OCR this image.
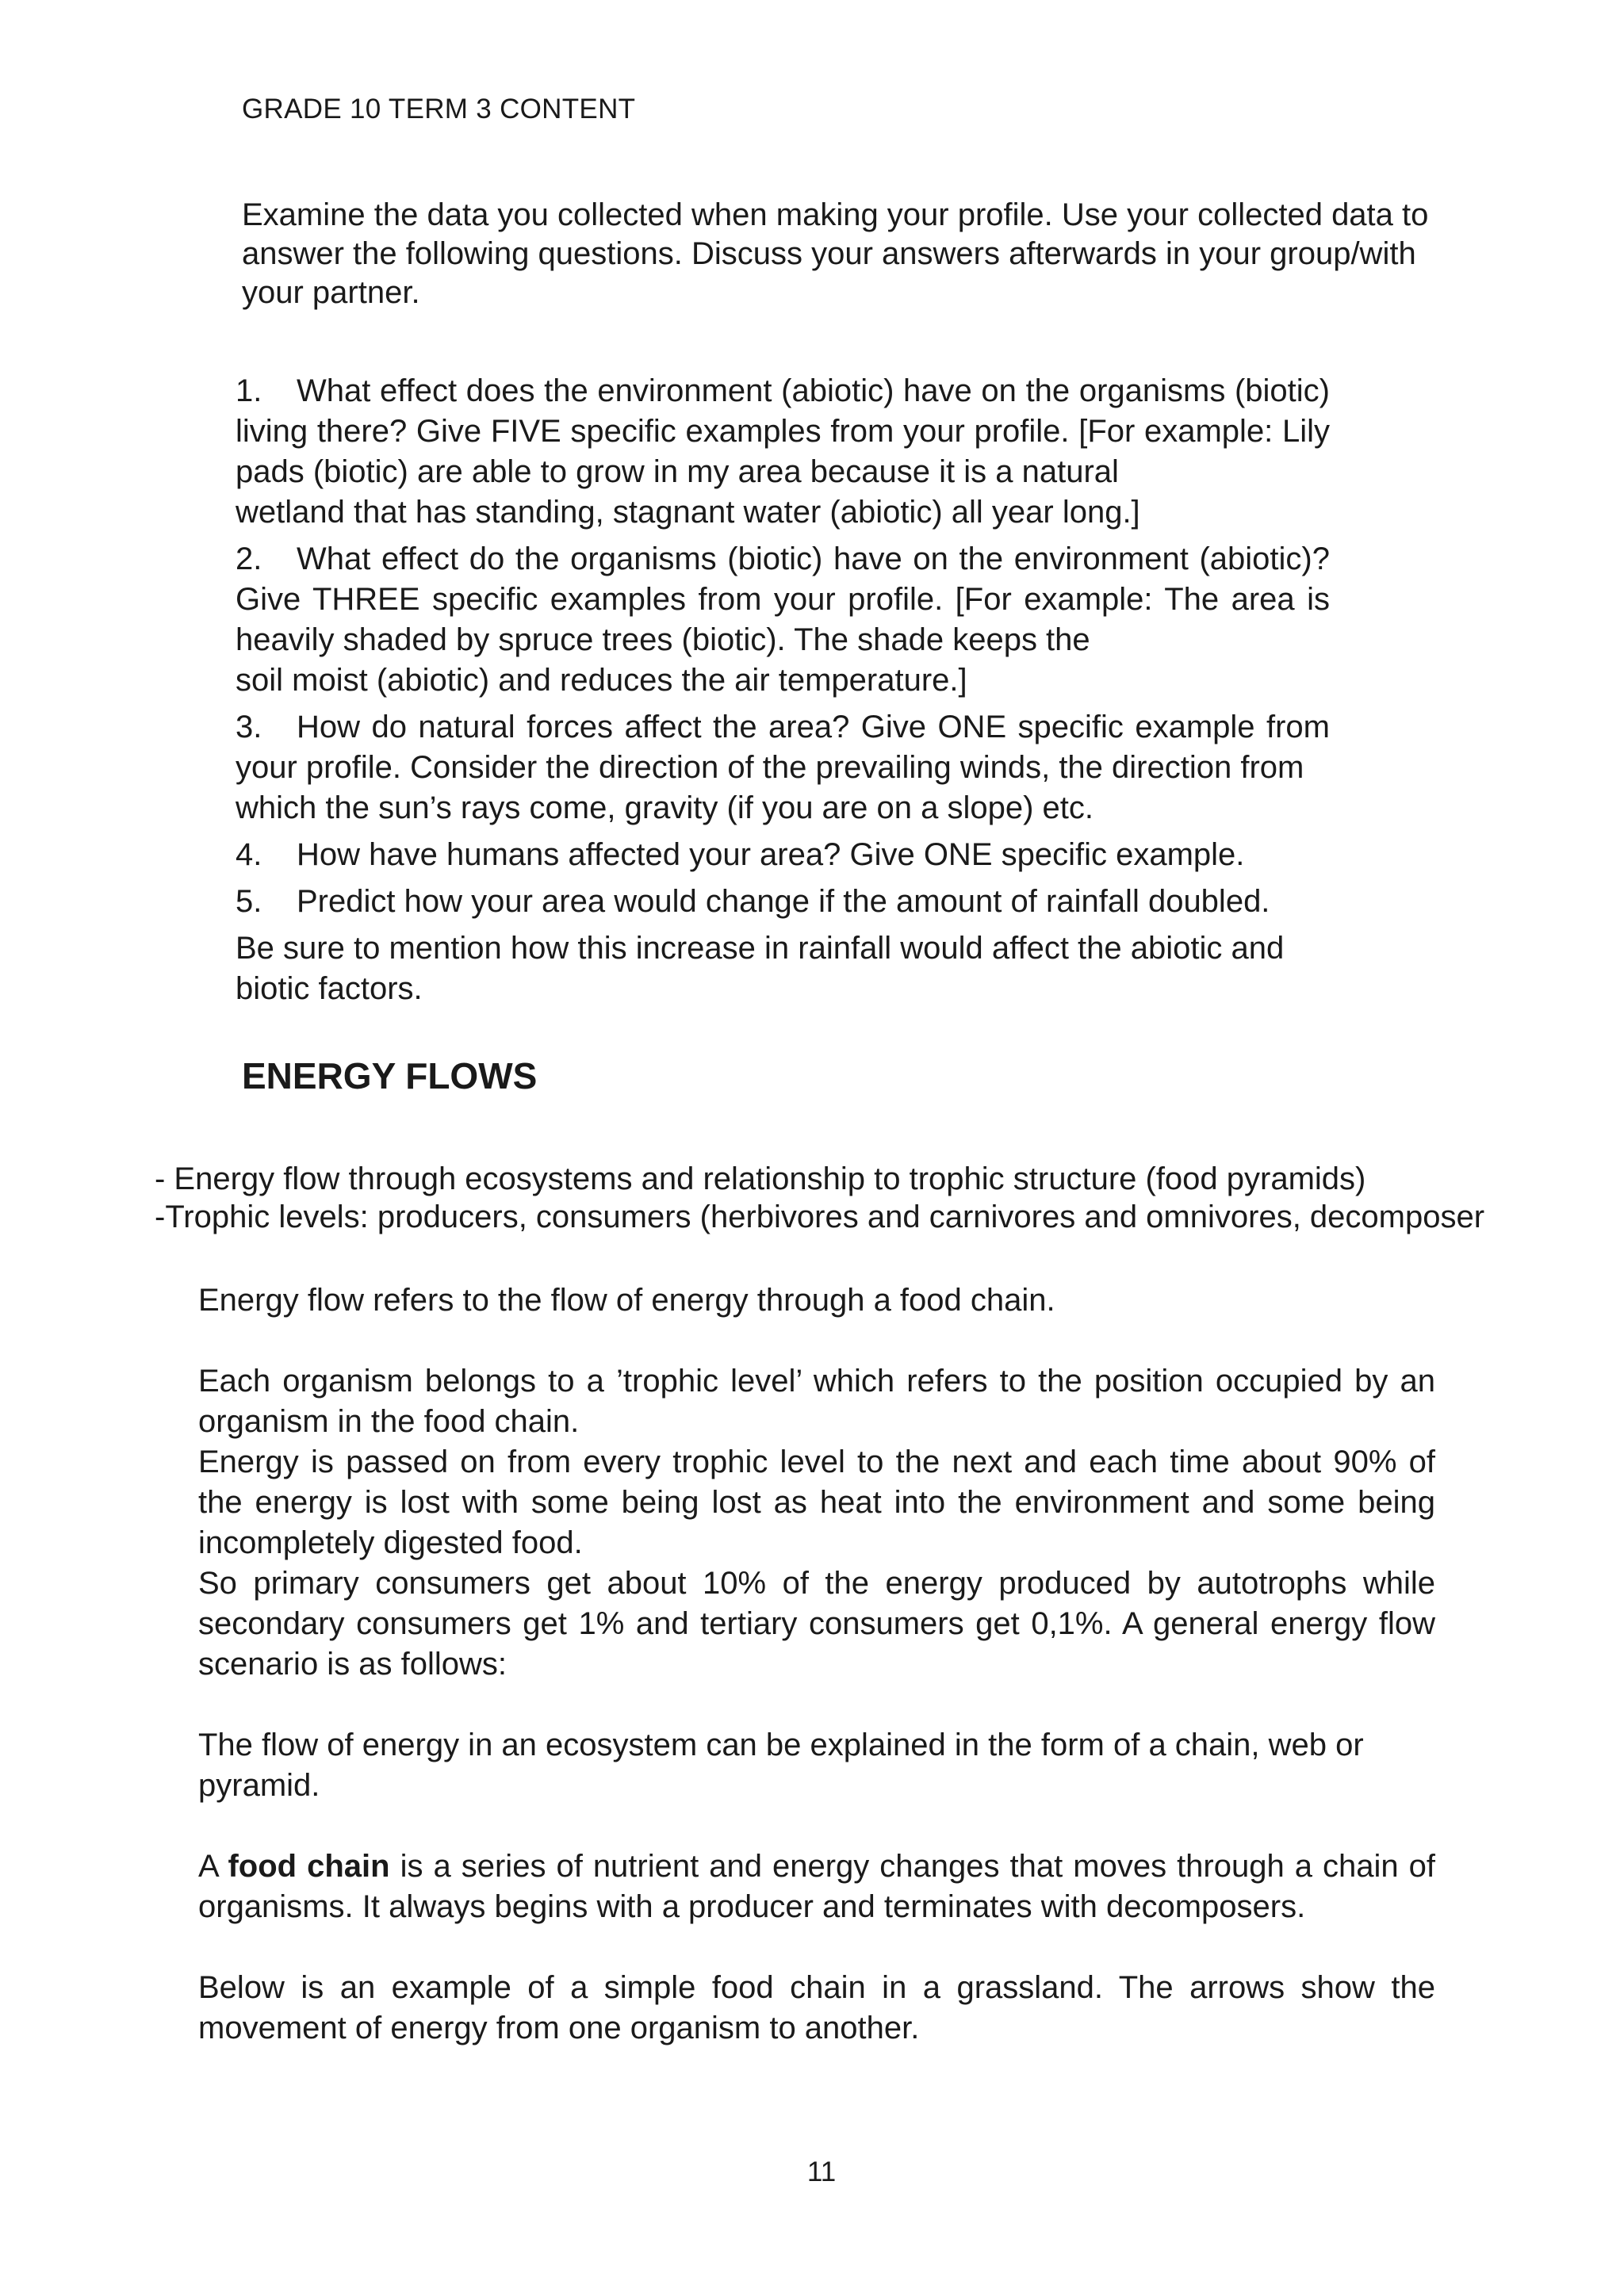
GRADE 10 TERM 3 CONTENT
Examine the data you collected when making your profile. Use your collected data to answer the following questions. Discuss your answers afterwards in your group/with your partner.
1. What effect does the environment (abiotic) have on the organisms (biotic) living there? Give FIVE specific examples from your profile. [For example: Lily pads (biotic) are able to grow in my area because it is a natural
wetland that has standing, stagnant water (abiotic) all year long.]
2. What effect do the organisms (biotic) have on the environment (abiotic)? Give THREE specific examples from your profile. [For example: The area is heavily shaded by spruce trees (biotic). The shade keeps the
soil moist (abiotic) and reduces the air temperature.]
3. How do natural forces affect the area? Give ONE specific example from your profile. Consider the direction of the prevailing winds, the direction from
which the sun’s rays come, gravity (if you are on a slope) etc.
4. How have humans affected your area? Give ONE specific example.
5. Predict how your area would change if the amount of rainfall doubled.
Be sure to mention how this increase in rainfall would affect the abiotic and biotic factors.
ENERGY FLOWS
- Energy flow through ecosystems and relationship to trophic structure (food pyramids)
-Trophic levels: producers, consumers (herbivores and carnivores and omnivores, decomposer
Energy flow refers to the flow of energy through a food chain.
Each organism belongs to a ’trophic level’ which refers to the position occupied by an organism in the food chain.
Energy is passed on from every trophic level to the next and each time about 90% of the energy is lost with some being lost as heat into the environment and some being incompletely digested food.
So primary consumers get about 10% of the energy produced by autotrophs while secondary consumers get 1% and tertiary consumers get 0,1%. A general energy flow scenario is as follows:
The flow of energy in an ecosystem can be explained in the form of a chain, web or pyramid.
A food chain is a series of nutrient and energy changes that moves through a chain of organisms. It always begins with a producer and terminates with decomposers.
Below is an example of a simple food chain in a grassland. The arrows show the movement of energy from one organism to another.
11
